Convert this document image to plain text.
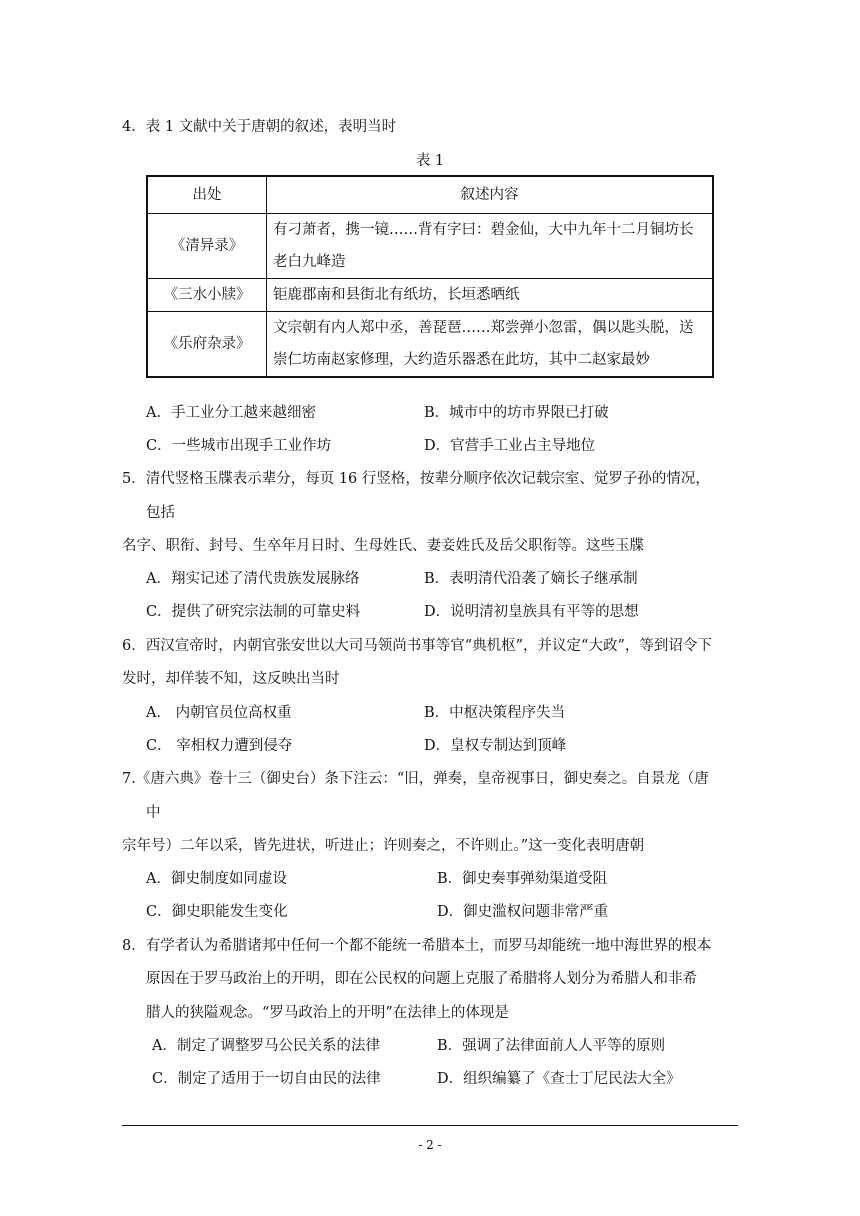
4．表 1 文献中关于唐朝的叙述，表明当时
表 1
出处	叙述内容
《清异录》	有刁萧者，携一镜……背有字曰：碧金仙，大中九年十二月铜坊长
老白九峰造

《三水小牍》	钜鹿郡南和县街北有纸坊，长垣悉晒纸

《乐府杂录》	文宗朝有内人郑中丞，善琵琶……郑尝弹小忽雷，偶以匙头脱，送
崇仁坊南赵家修理，大约造乐器悉在此坊，其中二赵家最妙
A．手工业分工越来越细密	B．城市中的坊市界限已打破
C．一些城市出现手工业作坊	D．官营手工业占主导地位
5．清代竖格玉牒表示辈分，每页 16 行竖格，按辈分顺序依次记载宗室、觉罗子孙的情况，
包括
名字、职衔、封号、生卒年月日时、生母姓氏、妻妾姓氏及岳父职衔等。这些玉牒
A．翔实记述了清代贵族发展脉络	B．表明清代沿袭了嫡长子继承制
C．提供了研究宗法制的可靠史料	D．说明清初皇族具有平等的思想
6．西汉宣帝时，内朝官张安世以大司马领尚书事等官“典机枢”，并议定“大政”，等到诏令下
发时，却佯装不知，这反映出当时
A． 内朝官员位高权重	B．中枢决策程序失当
C． 宰相权力遭到侵夺	D．皇权专制达到顶峰
7.《唐六典》卷十三（御史台）条下注云：“旧，弹奏，皇帝视事日，御史奏之。自景龙（唐
中
宗年号）二年以采，皆先进状，听进止；许则奏之，不许则止。”这一变化表明唐朝
A．御史制度如同虚设	B．御史奏事弹劾渠道受阻
C．御史职能发生变化	D．御史滥权问题非常严重
8．有学者认为希腊诸邦中任何一个都不能统一希腊本土，而罗马却能统一地中海世界的根本
原因在于罗马政治上的开明，即在公民权的问题上克服了希腊将人划分为希腊人和非希
腊人的狭隘观念。“罗马政治上的开明”在法律上的体现是
A．制定了调整罗马公民关系的法律	B．强调了法律面前人人平等的原则
C．制定了适用于一切自由民的法律	D．组织编纂了《查士丁尼民法大全》
- 2 -
